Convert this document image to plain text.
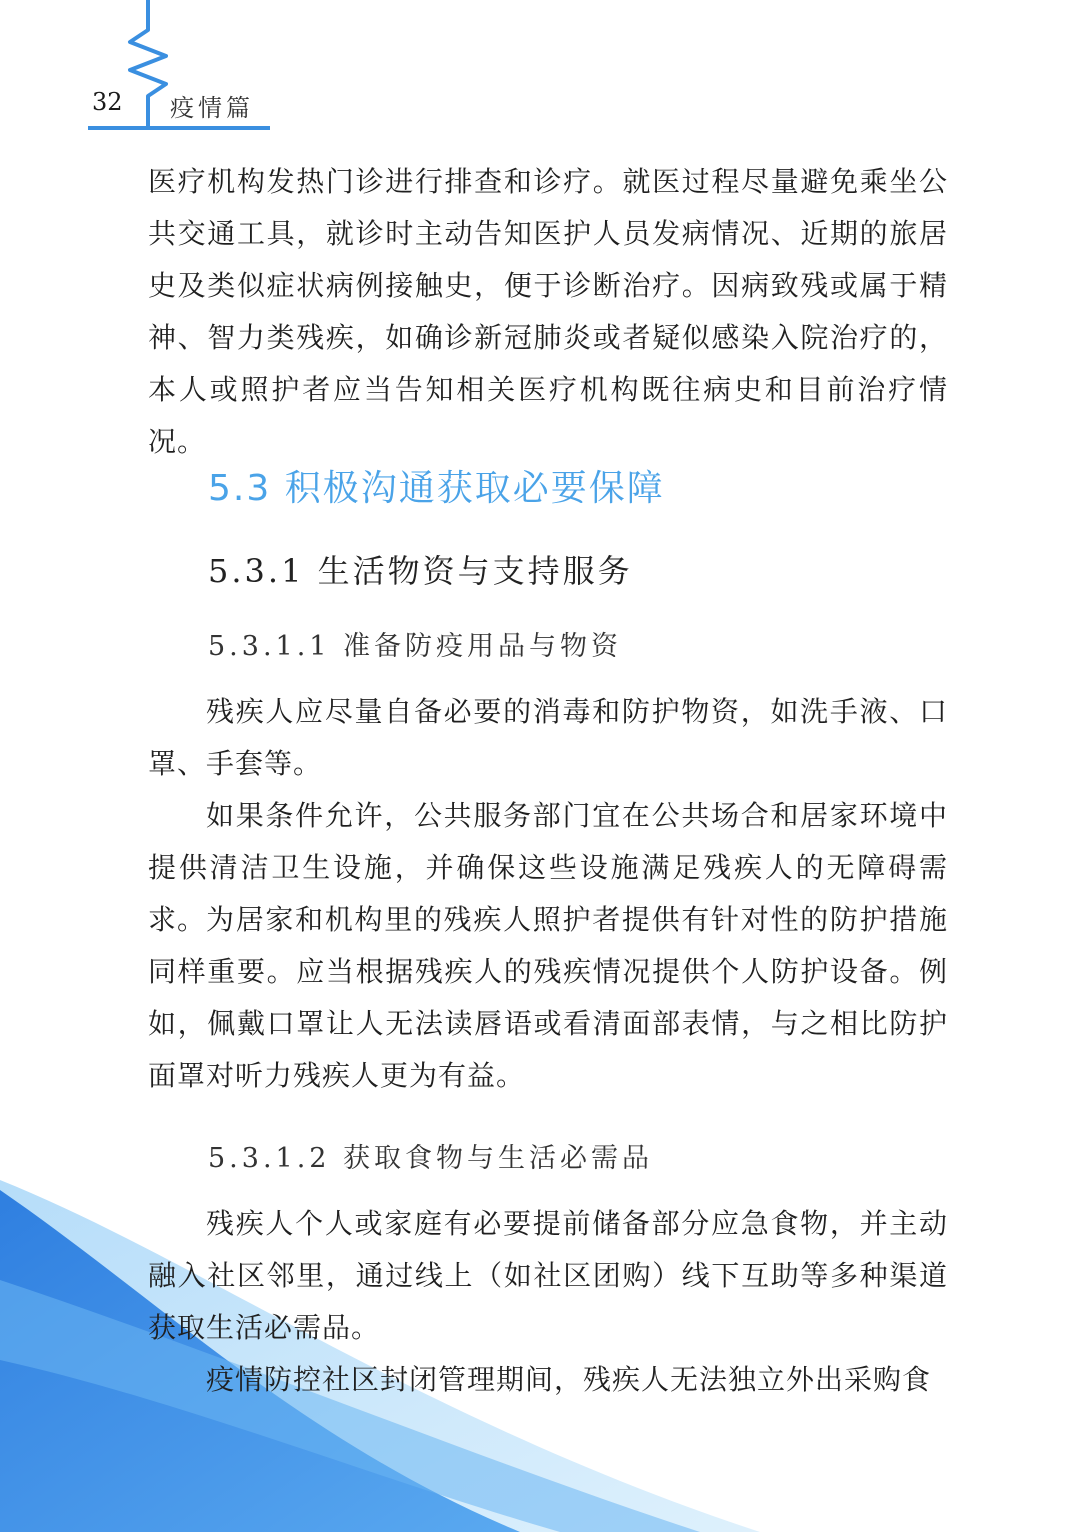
32 疫情篇

医疗机构发热门诊进行排查和诊疗。就医过程尽量避免乘坐公共交通工具，就诊时主动告知医护人员发病情况、近期的旅居史及类似症状病例接触史，便于诊断治疗。因病致残或属于精神、智力类残疾，如确诊新冠肺炎或者疑似感染入院治疗的，本人或照护者应当告知相关医疗机构既往病史和目前治疗情况。

5.3 积极沟通获取必要保障
5.3.1 生活物资与支持服务
5.3.1.1 准备防疫用品与物资

残疾人应尽量自备必要的消毒和防护物资，如洗手液、口罩、手套等。

如果条件允许，公共服务部门宜在公共场合和居家环境中提供清洁卫生设施，并确保这些设施满足残疾人的无障碍需求。 为居家和机构里的残疾人照护者提供有针对性的防护措施同样重要。应当根据残疾人的残疾情况提供个人防护设备。例如，佩戴口罩让人无法读唇语或看清面部表情，与之相比防护面罩对听力残疾人更为有益。

5.3.1.2 获取食物与生活必需品

残疾人个人或家庭有必要提前储备部分应急食物，并主动融入社区邻里，通过线上（如社区团购）线下互助等多种渠道获取生活必需品。

疫情防控社区封闭管理期间，残疾人无法独立外出采购食
